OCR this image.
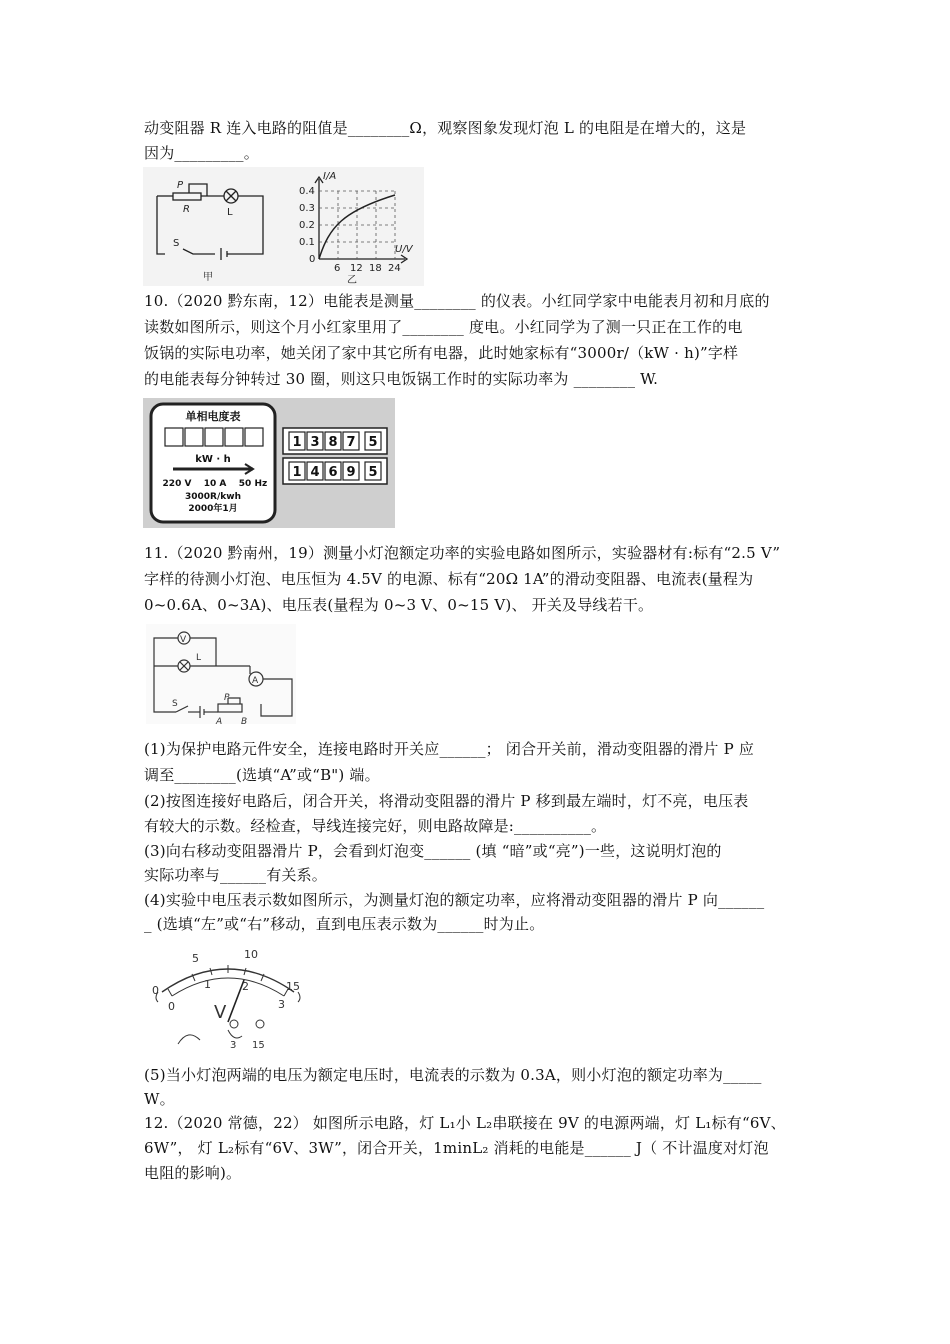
动变阻器 R 连入电路的阻值是________Ω，观察图象发现灯泡 L 的电阻是在增大的，这是
因为_________。
P
R	L
S
甲
I/A
U/V
0.4
0.3
0.2
0.1
0
6 12 18 24
乙
10.（2020 黔东南，12）电能表是测量________ 的仪表。小红同学家中电能表月初和月底的
读数如图所示，则这个月小红家里用了________ 度电。小红同学为了测一只正在工作的电
饭锅的实际电功率，她关闭了家中其它所有电器，此时她家标有“3000r/（kW · h)”字样
的电能表每分钟转过 30 圈，则这只电饭锅工作时的实际功率为 ________ W.
单相电度表
kW · h
220 V 10 A 50 Hz
3000R/kwh
2000年1月
1 3 8 7 5
1 4 6 9 5
11.（2020 黔南州，19）测量小灯泡额定功率的实验电路如图所示，实验器材有:标有“2.5 V”
字样的待测小灯泡、电压恒为 4.5V 的电源、标有“20Ω 1A”的滑动变阻器、电流表(量程为
0~0.6A、0~3A)、电压表(量程为 0~3 V、0~15 V)、 开关及导线若干。
V
L
A
S
P
A B
(1)为保护电路元件安全，连接电路时开关应______； 闭合开关前，滑动变阻器的滑片 P 应
调至________(选填“A”或“B") 端。
(2)按图连接好电路后，闭合开关，将滑动变阻器的滑片 P 移到最左端时，灯不亮，电压表
有较大的示数。经检查，导线连接完好，则电路故障是:__________。
(3)向右移动变阻器滑片 P，会看到灯泡变______ (填 “暗”或“亮”)一些，这说明灯泡的
实际功率与______有关系。
(4)实验中电压表示数如图所示，为测量灯泡的额定功率，应将滑动变阻器的滑片 P 向______
_ (选填“左”或“右”移动，直到电压表示数为______时为止。
0
5	10
15
0
1	2
3
V
3 15
(5)当小灯泡两端的电压为额定电压时，电流表的示数为 0.3A，则小灯泡的额定功率为_____
W。
12.（2020 常德，22） 如图所示电路，灯 L₁小 L₂串联接在 9V 的电源两端，灯 L₁标有“6V、
6W”， 灯 L₂标有“6V、3W”，闭合开关，1minL₂ 消耗的电能是______ J（ 不计温度对灯泡
电阻的影响)。
